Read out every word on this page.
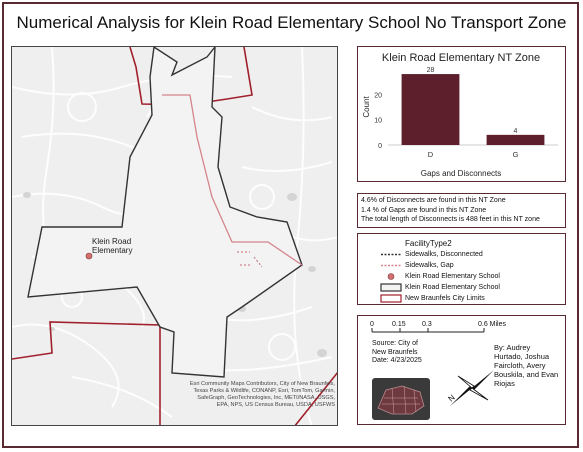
Numerical Analysis for Klein Road Elementary School No Transport Zone
Klein Road
Elementary
Esri Community Maps Contributors, City of New Braunfels, Texas Parks & Wildlife, CONANP, Esri, TomTom, Garmin, SafeGraph, GeoTechnologies, Inc, METI/NASA, USGS, EPA, NPS, US Census Bureau, USDA, USFWS
Klein Road Elementary NT Zone
Count
Gaps and Disconnects
0
10
20
28
D
4
G
4.6% of Disconnects are found in this NT Zone
1.4 % of Gaps are found in this NT Zone
The total length of Disconnects is 488 feet in this NT zone
FacilityType2
Sidewalks, Disconnected
Sidewalks, Gap
Klein Road Elementary School
Klein Road Elementary School
New Braunfels City Limits
0	0.15 0.3	0.6 Miles
Source: City of
New Braunfels
Date: 4/23/2025
N
By: Audrey
Hurtado, Joshua
Faircloth, Avery
Bouskila, and Evan
Riojas
